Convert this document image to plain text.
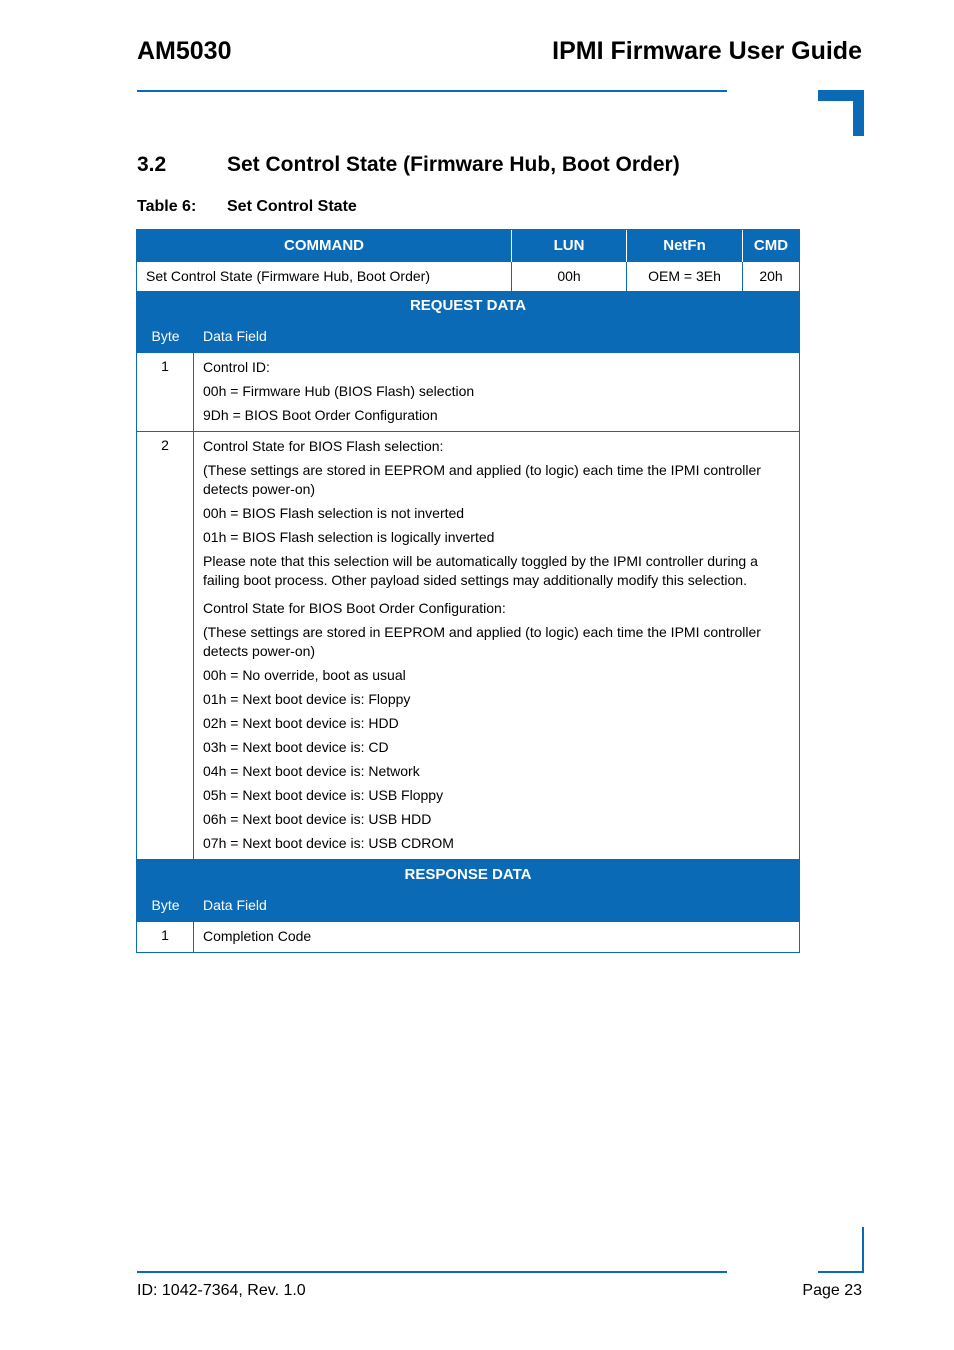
AM5030	IPMI Firmware User Guide
3.2	Set Control State (Firmware Hub, Boot Order)
Table 6: Set Control State
COMMAND	LUN	NetFn	CMD
Set Control State (Firmware Hub, Boot Order)	00h	OEM = 3Eh	20h
REQUEST DATA
Byte	Data Field
1	Control ID:

00h = Firmware Hub (BIOS Flash) selection

9Dh = BIOS Boot Order Configuration

2	Control State for BIOS Flash selection:

(These settings are stored in EEPROM and applied (to logic) each time the IPMI controller detects power-on)

00h = BIOS Flash selection is not inverted

01h = BIOS Flash selection is logically inverted

Please note that this selection will be automatically toggled by the IPMI controller during a failing boot process. Other payload sided settings may additionally modify this selection.

Control State for BIOS Boot Order Configuration:

(These settings are stored in EEPROM and applied (to logic) each time the IPMI controller detects power-on)

00h = No override, boot as usual

01h = Next boot device is: Floppy

02h = Next boot device is: HDD

03h = Next boot device is: CD

04h = Next boot device is: Network

05h = Next boot device is: USB Floppy

06h = Next boot device is: USB HDD

07h = Next boot device is: USB CDROM

RESPONSE DATA
Byte	Data Field
1	Completion Code

ID: 1042-7364, Rev. 1.0	Page 23
